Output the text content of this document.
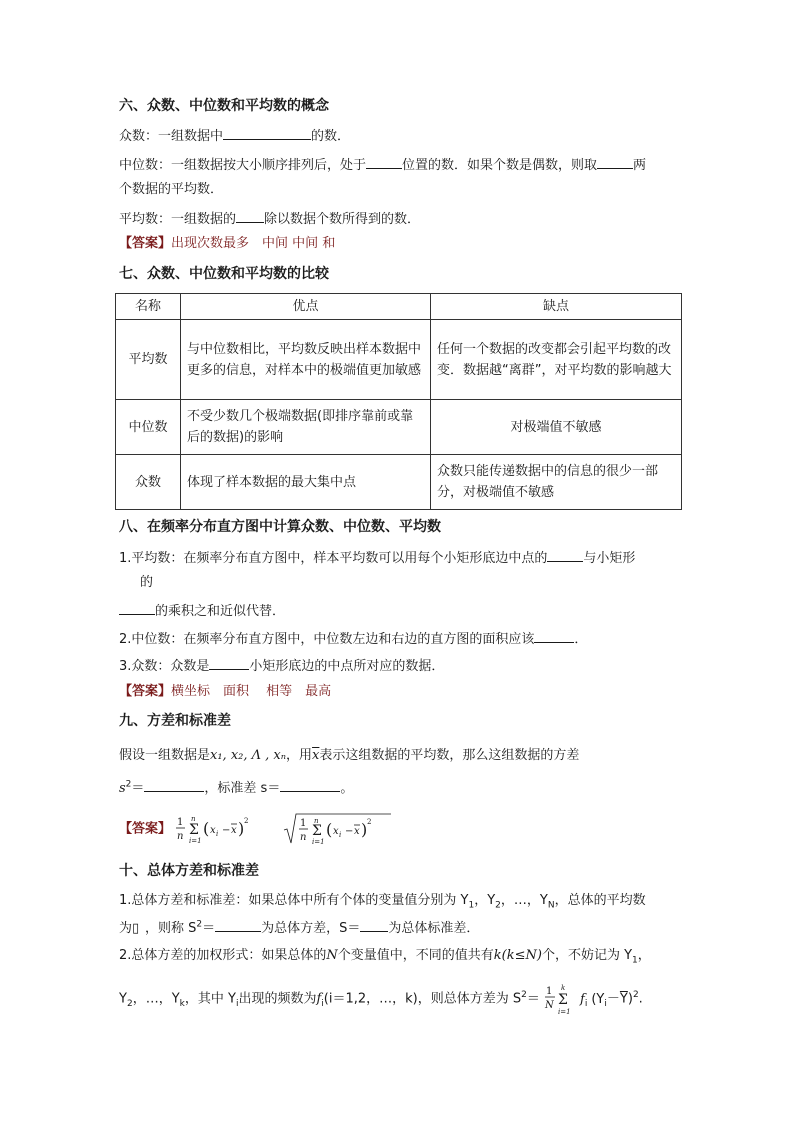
六、众数、中位数和平均数的概念
众数：一组数据中	的数．
中位数：一组数据按大小顺序排列后，处于	位置的数．如果个数是偶数，则取	两
个数据的平均数．
平均数：一组数据的 除以数据个数所得到的数．
【答案】出现次数最多　中间 中间 和
七、众数、中位数和平均数的比较
名称	优点	缺点
平均数	与中位数相比，平均数反映出样本数据中更多的信息，对样本中的极端值更加敏感	任何一个数据的改变都会引起平均数的改变．数据越“离群”，对平均数的影响越大
中位数	不受少数几个极端数据(即排序靠前或靠后的数据)的影响	对极端值不敏感
众数	体现了样本数据的最大集中点	众数只能传递数据中的信息的很少一部分，对极端值不敏感
八、在频率分布直方图中计算众数、中位数、平均数
1.平均数：在频率分布直方图中，样本平均数可以用每个小矩形底边中点的	与小矩形
的
的乘积之和近似代替．
2.中位数：在频率分布直方图中，中位数左边和右边的直方图的面积应该	．
3.众数：众数是	小矩形底边的中点所对应的数据．
【答案】横坐标　面积　 相等　最高
九、方差和标准差
假设一组数据是x₁, x₂, Λ , xₙ，用$\overline{x}$表示这组数据的平均数，那么这组数据的方差
$s^2=$	，标准差 s＝	。
【答案】 1
n Σ
n
i=1
( x i − x ) 2
	1
n Σ
n
i=1
( x i − x ) 2
十、总体方差和标准差
1.总体方差和标准差：如果总体中所有个体的变量值分别为 $Y_1$，$Y_2$，…，$Y_N$，总体的平均数
为▯ ，则称 $S^2=$	为总体方差，S＝ 为总体标准差．
2.总体方差的加权形式：如果总体的N个变量值中，不同的值共有k(k≤N)个，不妨记为 $Y_1$，
$Y_2$，…，$Y_k$，其中 $Y_i$出现的频数为$f_i(i=1,2$，…，k)，则总体方差为 $S^2= 1$
N Σ
k
i=1
$f_i$ $(Y_i-\overline{Y})^2$.
